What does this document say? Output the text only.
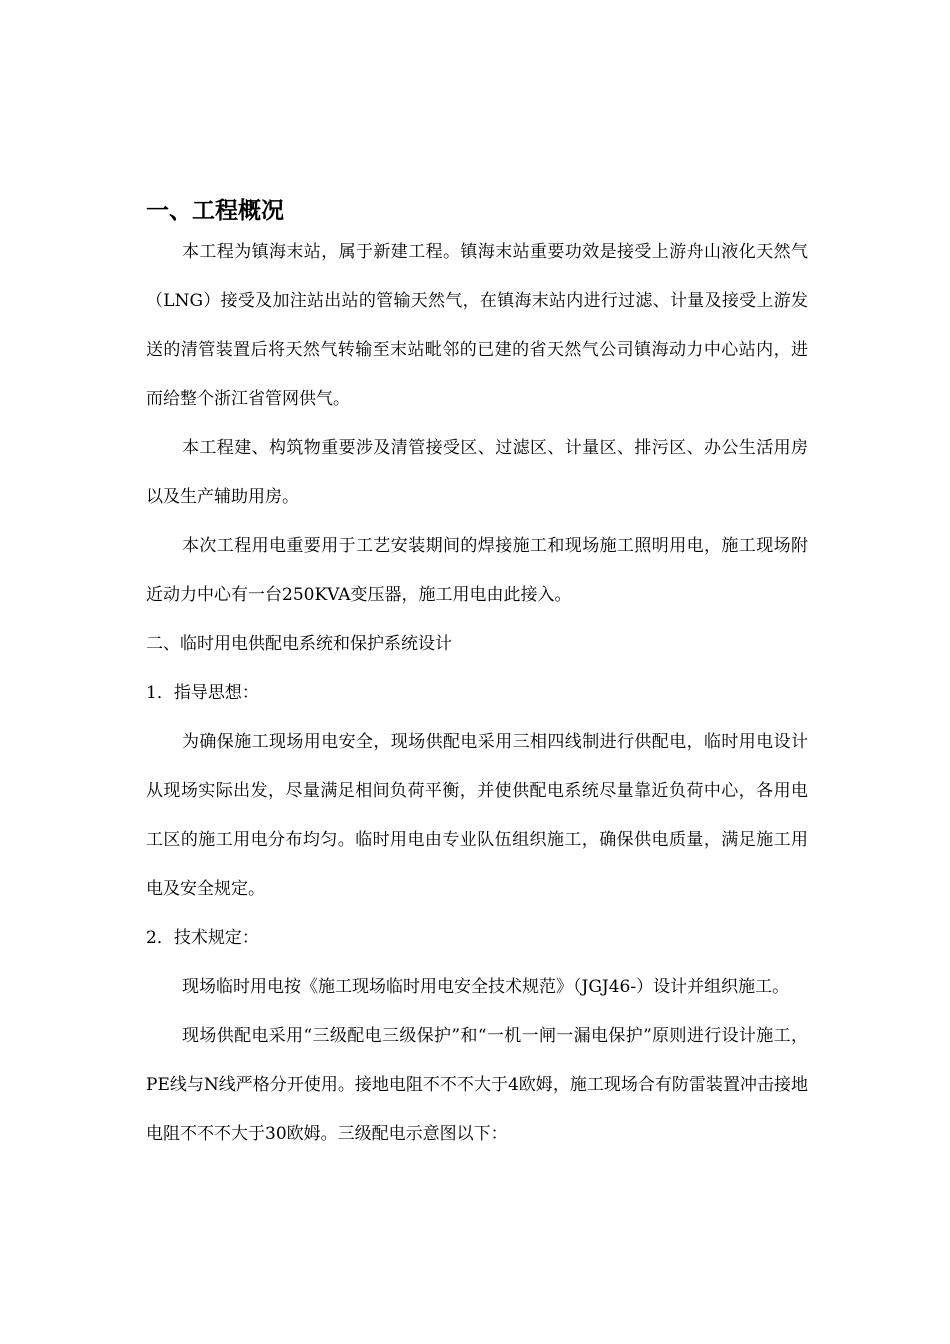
一、工程概况

本工程为镇海末站，属于新建工程。镇海末站重要功效是接受上游舟山液化天然气（LNG）接受及加注站出站的管输天然气，在镇海末站内进行过滤、计量及接受上游发送的清管装置后将天然气转输至末站毗邻的已建的省天然气公司镇海动力中心站内，进而给整个浙江省管网供气。

本工程建、构筑物重要涉及清管接受区、过滤区、计量区、排污区、办公生活用房以及生产辅助用房。

本次工程用电重要用于工艺安装期间的焊接施工和现场施工照明用电，施工现场附近动力中心有一台250KVA变压器，施工用电由此接入。

二、临时用电供配电系统和保护系统设计

1．指导思想：

为确保施工现场用电安全，现场供配电采用三相四线制进行供配电，临时用电设计从现场实际出发，尽量满足相间负荷平衡，并使供配电系统尽量靠近负荷中心，各用电工区的施工用电分布均匀。临时用电由专业队伍组织施工，确保供电质量，满足施工用电及安全规定。

2．技术规定：

现场临时用电按《施工现场临时用电安全技术规范》（JGJ46-）设计并组织施工。

现场供配电采用“三级配电三级保护”和“一机一闸一漏电保护”原则进行设计施工，PE线与N线严格分开使用。接地电阻不不不大于4欧姆，施工现场合有防雷装置冲击接地电阻不不不大于30欧姆。三级配电示意图以下：
